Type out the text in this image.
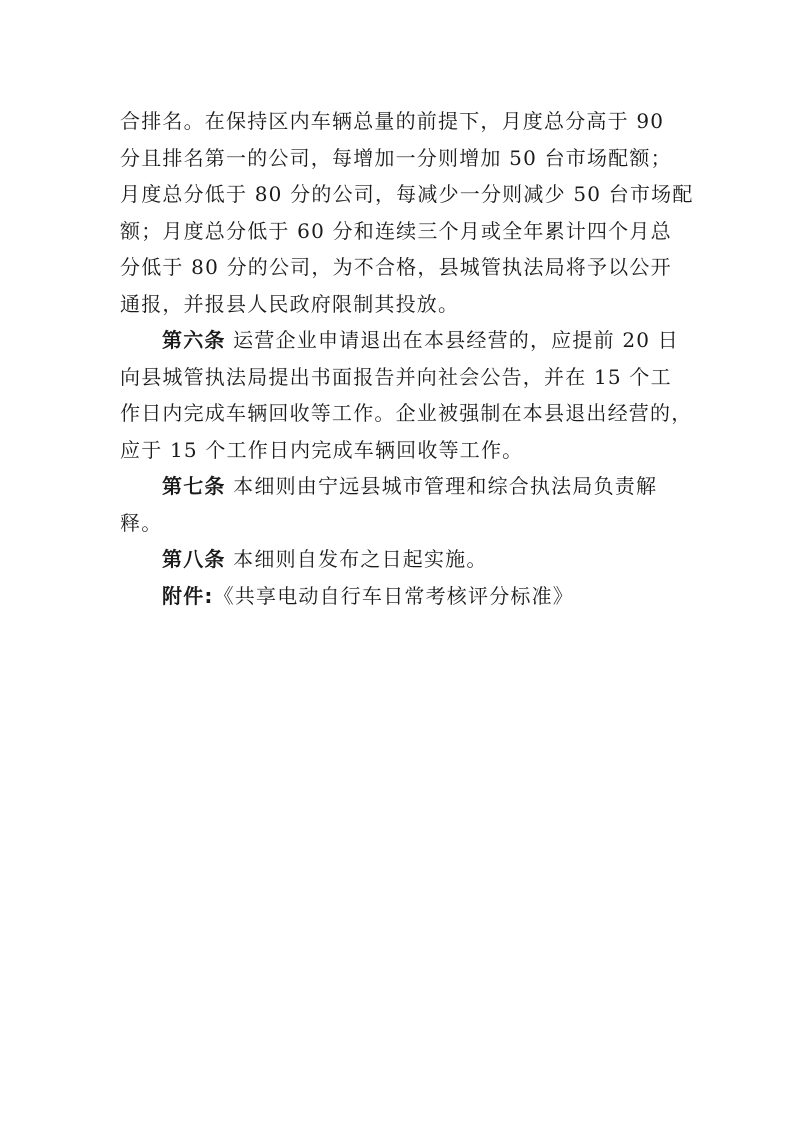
合排名。在保持区内车辆总量的前提下，月度总分高于 90
分且排名第一的公司，每增加一分则增加 50 台市场配额；
月度总分低于 80 分的公司，每减少一分则减少 50 台市场配
额；月度总分低于 60 分和连续三个月或全年累计四个月总
分低于 80 分的公司，为不合格，县城管执法局将予以公开
通报，并报县人民政府限制其投放。
第六条 运营企业申请退出在本县经营的，应提前 20 日
向县城管执法局提出书面报告并向社会公告，并在 15 个工
作日内完成车辆回收等工作。企业被强制在本县退出经营的，
应于 15 个工作日内完成车辆回收等工作。
第七条 本细则由宁远县城市管理和综合执法局负责解
释。
第八条 本细则自发布之日起实施。
附件:《共享电动自行车日常考核评分标准》
